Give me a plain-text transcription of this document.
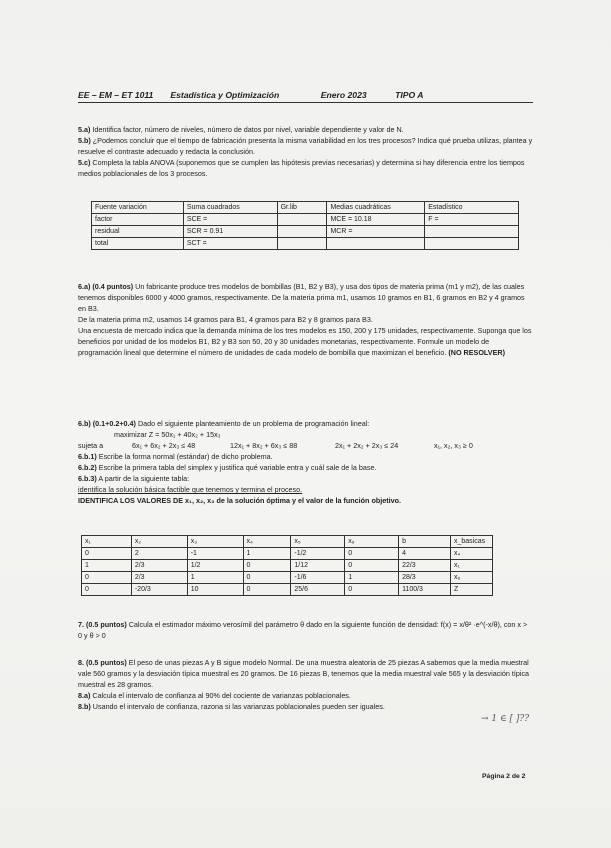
EE – EM – ET 1011 Estadística y Optimización	Enero 2023	TIPO A
5.a) Identifica factor, número de niveles, número de datos por nivel, variable dependiente y valor de N.
5.b) ¿Podemos concluir que el tiempo de fabricación presenta la misma variabilidad en los tres procesos? Indica qué prueba utilizas, plantea y resuelve el contraste adecuado y redacta la conclusión.
5.c) Completa la tabla ANOVA (suponemos que se cumplen las hipótesis previas necesarias) y determina si hay diferencia entre los tiempos medios poblacionales de los 3 procesos.
Fuente variación	Suma cuadrados	Gr.lib	Medias cuadráticas	Estadístico
factor	SCE =		MCE = 10.18	F =
residual	SCR = 0.91		MCR =	
total	SCT =			
6.a) (0.4 puntos) Un fabricante produce tres modelos de bombillas (B1, B2 y B3), y usa dos tipos de materia prima (m1 y m2), de las cuales tenemos disponibles 6000 y 4000 gramos, respectivamente. De la materia prima m1, usamos 10 gramos en B1, 6 gramos en B2 y 4 gramos en B3.
De la materia prima m2, usamos 14 gramos para B1, 4 gramos para B2 y 8 gramos para B3.
Una encuesta de mercado indica que la demanda mínima de los tres modelos es 150, 200 y 175 unidades, respectivamente. Suponga que los beneficios por unidad de los modelos B1, B2 y B3 son 50, 20 y 30 unidades monetarias, respectivamente. Formule un modelo de programación lineal que determine el número de unidades de cada modelo de bombilla que maximizan el beneficio. (NO RESOLVER)
6.b) (0.1+0.2+0.4) Dado el siguiente planteamiento de un problema de programación lineal:
maximizar Z = 50x₁ + 40x₂ + 15x₃
sujeta a	6x₁ + 6x₂ + 2x₃ ≤ 48	12x₁ + 8x₂ + 6x₃ ≤ 88	2x₁ + 2x₂ + 2x₃ ≤ 24	x₁, x₂, x₃ ≥ 0
6.b.1) Escribe la forma normal (estándar) de dicho problema.
6.b.2) Escribe la primera tabla del simplex y justifica qué variable entra y cuál sale de la base.
6.b.3) A partir de la siguiente tabla:
identifica la solución básica factible que tenemos y termina el proceso.
IDENTIFICA LOS VALORES DE x₁, x₂, x₃ de la solución óptima y el valor de la función objetivo.
x₁	x₂	x₃	x₄	x₅	x₆	b	x_basicas
0	2	-1	1	-1/2	0	4	x₄
1	2/3	1/2	0	1/12	0	22/3	x₁
0	2/3	1	0	-1/6	1	28/3	x₆
0	-20/3	10	0	25/6	0	1100/3	Z
7. (0.5 puntos) Calcula el estimador máximo verosímil del parámetro θ dado en la siguiente función de densidad: f(x) = x/θ² ·e^(-x/θ), con x > 0 y θ > 0
8. (0.5 puntos) El peso de unas piezas A y B sigue modelo Normal. De una muestra aleatoria de 25 piezas A sabemos que la media muestral vale 560 gramos y la desviación típica muestral es 20 gramos. De 16 piezas B, tenemos que la media muestral vale 565 y la desviación típica muestral es 28 gramos.
8.a) Calcula el intervalo de confianza al 90% del cociente de varianzas poblacionales.
8.b) Usando el intervalo de confianza, razona si las varianzas poblacionales pueden ser iguales.
→ 1 ∈ [ ]??
Página 2 de 2
